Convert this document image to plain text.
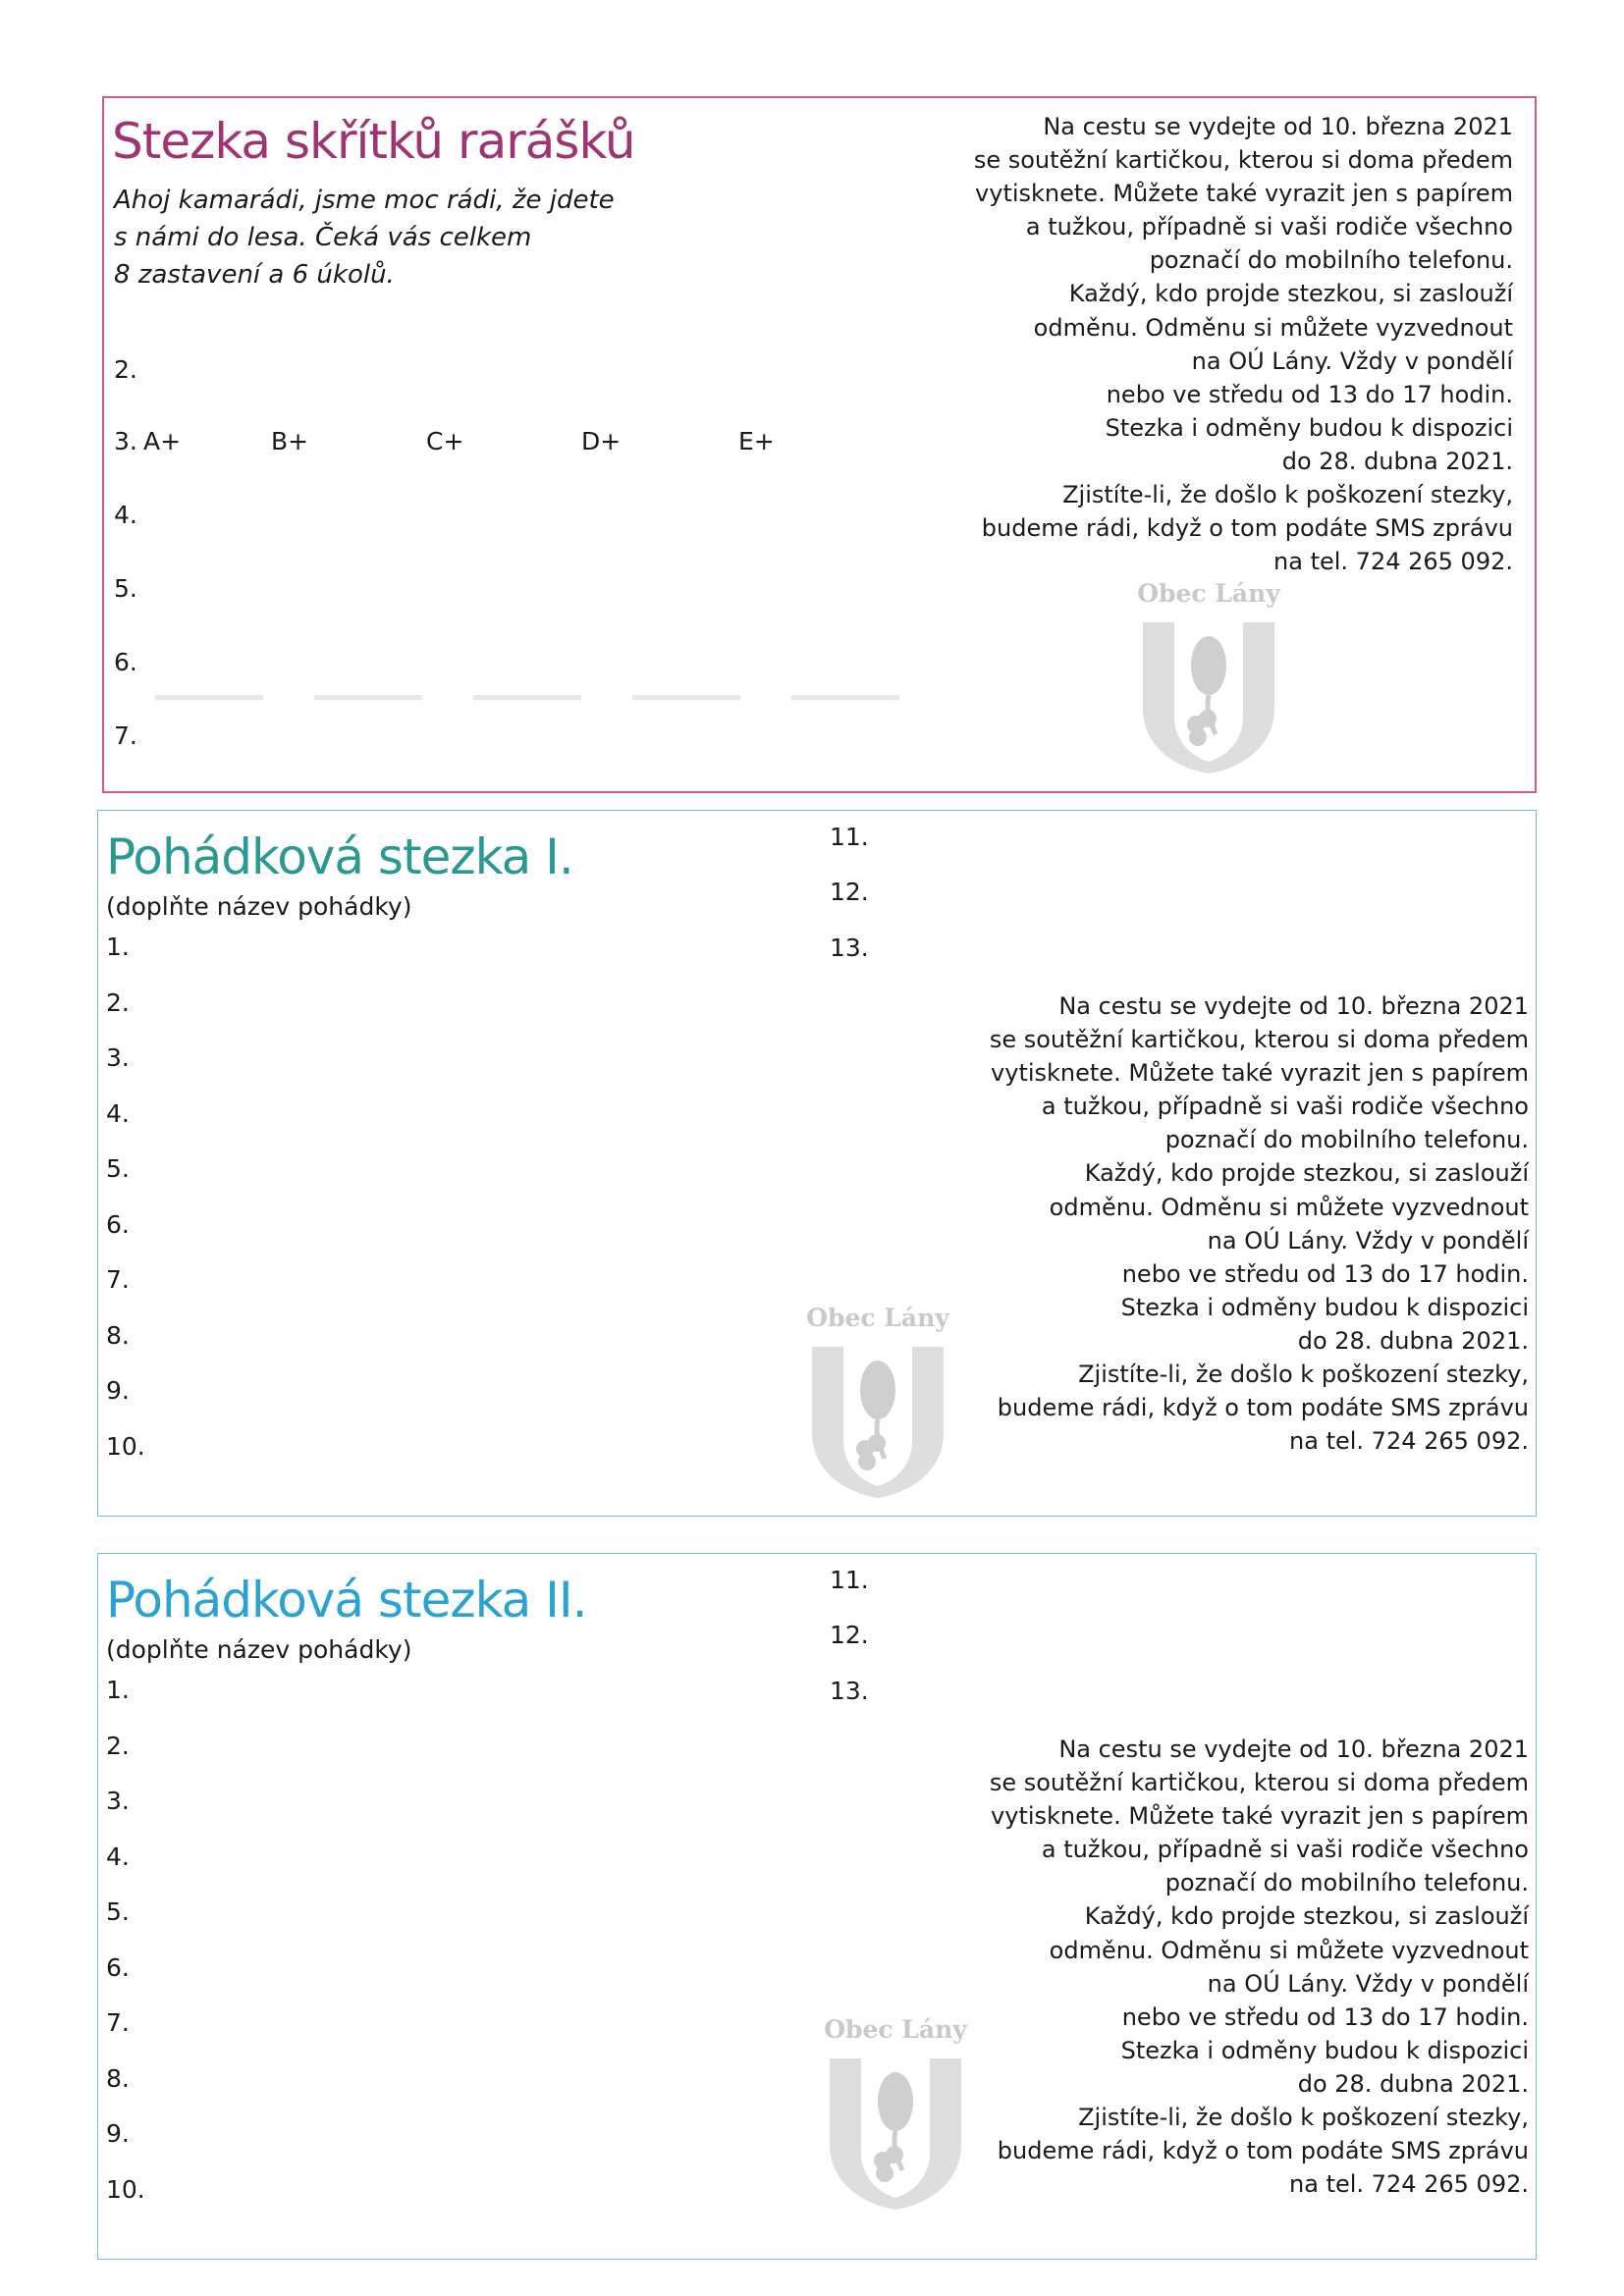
Stezka skřítků rarášků
Ahoj kamarádi, jsme moc rádi, že jdete
s námi do lesa. Čeká vás celkem
8 zastavení a 6 úkolů.
2.
3. A+	B+	C+	D+	E+
4.
5.
6.
7.
Na cestu se vydejte od 10. března 2021
se soutěžní kartičkou, kterou si doma předem
vytisknete. Můžete také vyrazit jen s papírem
a tužkou, případně si vaši rodiče všechno
poznačí do mobilního telefonu.
Každý, kdo projde stezkou, si zaslouží
odměnu. Odměnu si můžete vyzvednout
na OÚ Lány. Vždy v pondělí
nebo ve středu od 13 do 17 hodin.
Stezka i odměny budou k dispozici
do 28. dubna 2021.
Zjistíte-li, že došlo k poškození stezky,
budeme rádi, když o tom podáte SMS zprávu
na tel. 724 265 092.
Obec Lány
Pohádková stezka I.
(doplňte název pohádky)
1.
2.
3.
4.
5.
6.
7.
8.
9.
10.
11.
12.
13.
Na cestu se vydejte od 10. března 2021
se soutěžní kartičkou, kterou si doma předem
vytisknete. Můžete také vyrazit jen s papírem
a tužkou, případně si vaši rodiče všechno
poznačí do mobilního telefonu.
Každý, kdo projde stezkou, si zaslouží
odměnu. Odměnu si můžete vyzvednout
na OÚ Lány. Vždy v pondělí
nebo ve středu od 13 do 17 hodin.
Stezka i odměny budou k dispozici
do 28. dubna 2021.
Zjistíte-li, že došlo k poškození stezky,
budeme rádi, když o tom podáte SMS zprávu
na tel. 724 265 092.
Obec Lány
Pohádková stezka II.
(doplňte název pohádky)
1.
2.
3.
4.
5.
6.
7.
8.
9.
10.
11.
12.
13.
Na cestu se vydejte od 10. března 2021
se soutěžní kartičkou, kterou si doma předem
vytisknete. Můžete také vyrazit jen s papírem
a tužkou, případně si vaši rodiče všechno
poznačí do mobilního telefonu.
Každý, kdo projde stezkou, si zaslouží
odměnu. Odměnu si můžete vyzvednout
na OÚ Lány. Vždy v pondělí
nebo ve středu od 13 do 17 hodin.
Stezka i odměny budou k dispozici
do 28. dubna 2021.
Zjistíte-li, že došlo k poškození stezky,
budeme rádi, když o tom podáte SMS zprávu
na tel. 724 265 092.
Obec Lány
